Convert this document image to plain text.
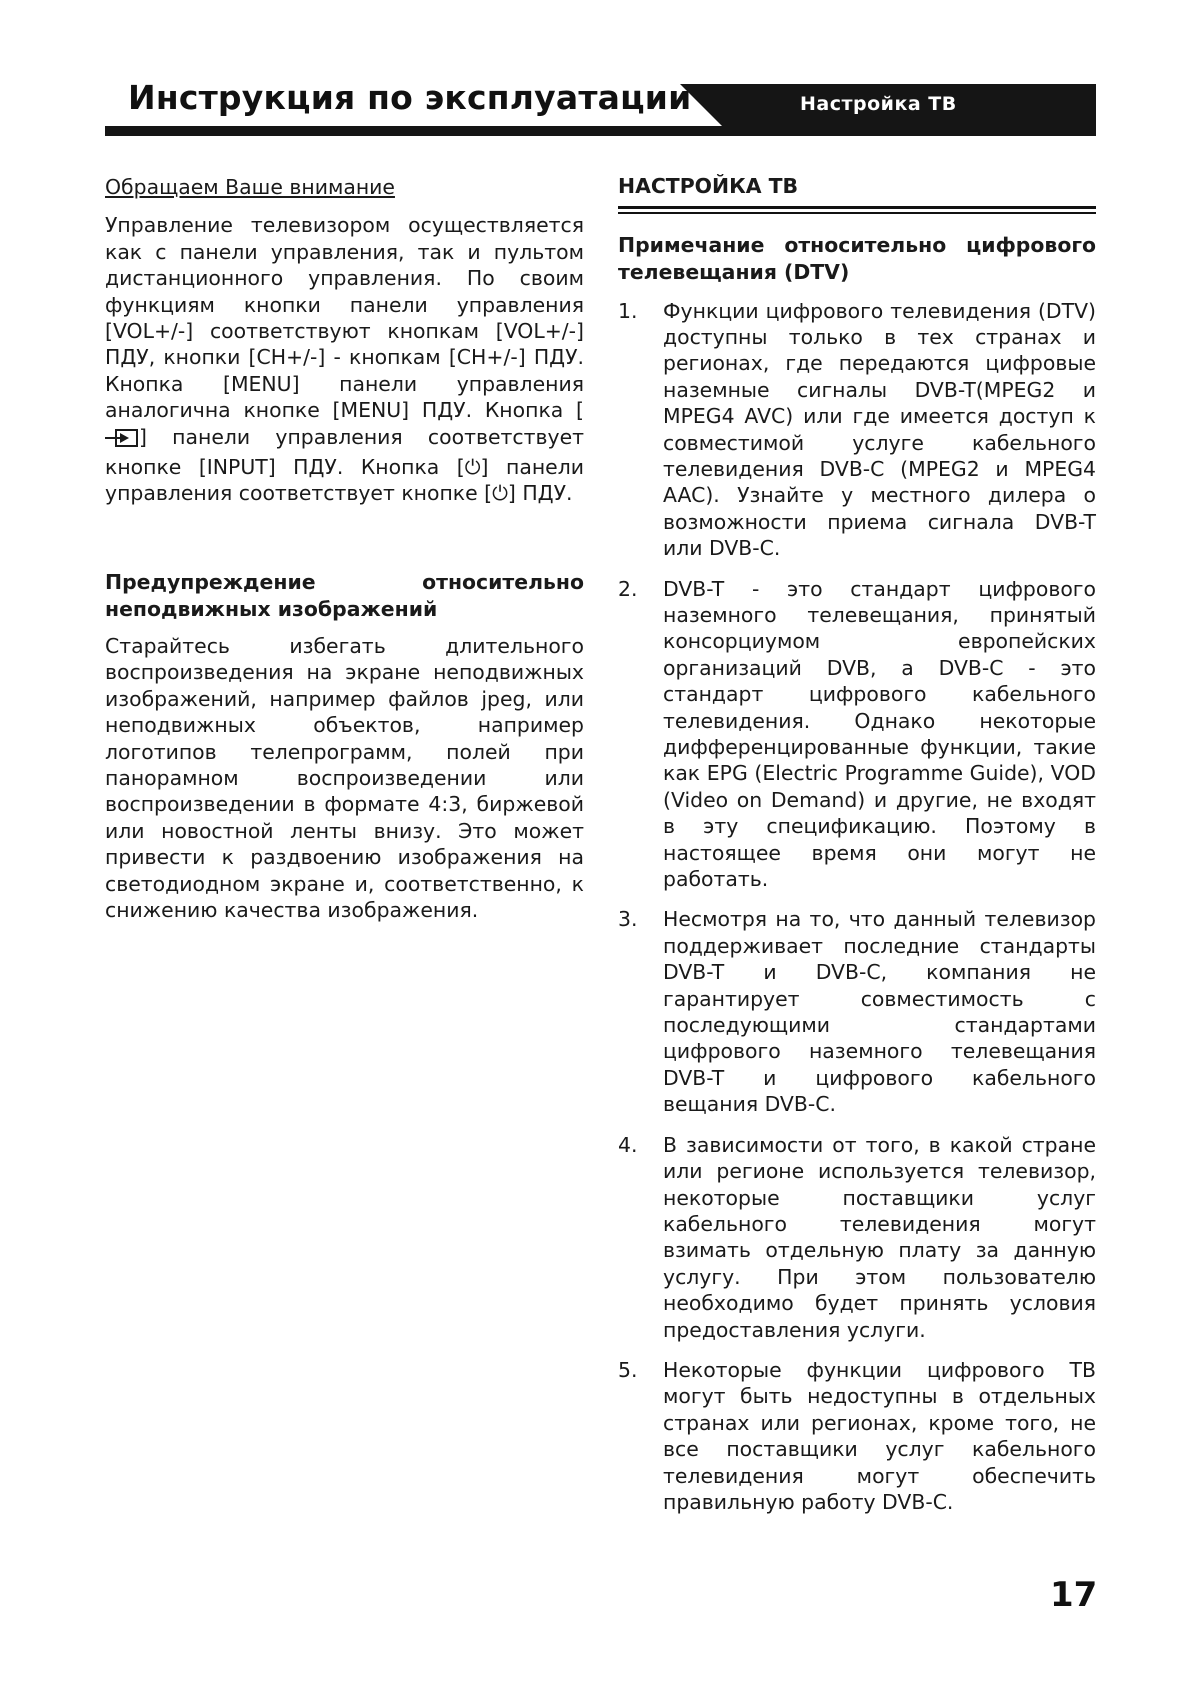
Инструкция по эксплуатации	Настройка ТВ

Обращаем Ваше внимание

Управление телевизором осуществляется как с панели управления, так и пультом дистанционного управления. По своим функциям кнопки панели управления [VOL+/-] соответствуют кнопкам [VOL+/-] ПДУ, кнопки [CH+/-] - кнопкам [CH+/-] ПДУ. Кнопка [MENU] панели управления аналогична кнопке [MENU] ПДУ. Кнопка [] панели управления соответствует кнопке [INPUT] ПДУ. Кнопка [⏻] панели управления соответствует кнопке [⏻] ПДУ.

Предупреждение относительно неподвижных изображений

Старайтесь избегать длительного воспроизведения на экране неподвижных изображений, например файлов jpeg, или неподвижных объектов, например логотипов телепрограмм, полей при панорамном воспроизведении или воспроизведении в формате 4:3, биржевой или новостной ленты внизу. Это может привести к раздвоению изображения на светодиодном экране и, соответственно, к снижению качества изображения.

НАСТРОЙКА ТВ

Примечание относительно цифрового телевещания (DTV)

1.	Функции цифрового телевидения (DTV) доступны только в тех странах и регионах, где передаются цифровые наземные сигналы DVB-T(MPEG2 и MPEG4 AVC) или где имеется доступ к совместимой услуге кабельного телевидения DVB-C (MPEG2 и MPEG4 AAC). Узнайте у местного дилера о возможности приема сигнала DVB-T или DVB-C.
2.	DVB-T - это стандарт цифрового наземного телевещания, принятый консорциумом европейских организаций DVB, а DVB-C - это стандарт цифрового кабельного телевидения. Однако некоторые дифференцированные функции, такие как EPG (Electric Programme Guide), VOD (Video on Demand) и другие, не входят в эту спецификацию. Поэтому в настоящее время они могут не работать.
3.	Несмотря на то, что данный телевизор поддерживает последние стандарты DVB-T и DVB-C, компания не гарантирует совместимость с последующими стандартами цифрового наземного телевещания DVB-T и цифрового кабельного вещания DVB-C.
4.	В зависимости от того, в какой стране или регионе используется телевизор, некоторые поставщики услуг кабельного телевидения могут взимать отдельную плату за данную услугу. При этом пользователю необходимо будет принять условия предоставления услуги.
5.	Некоторые функции цифрового ТВ могут быть недоступны в отдельных странах или регионах, кроме того, не все поставщики услуг кабельного телевидения могут обеспечить правильную работу DVB-C.
17
